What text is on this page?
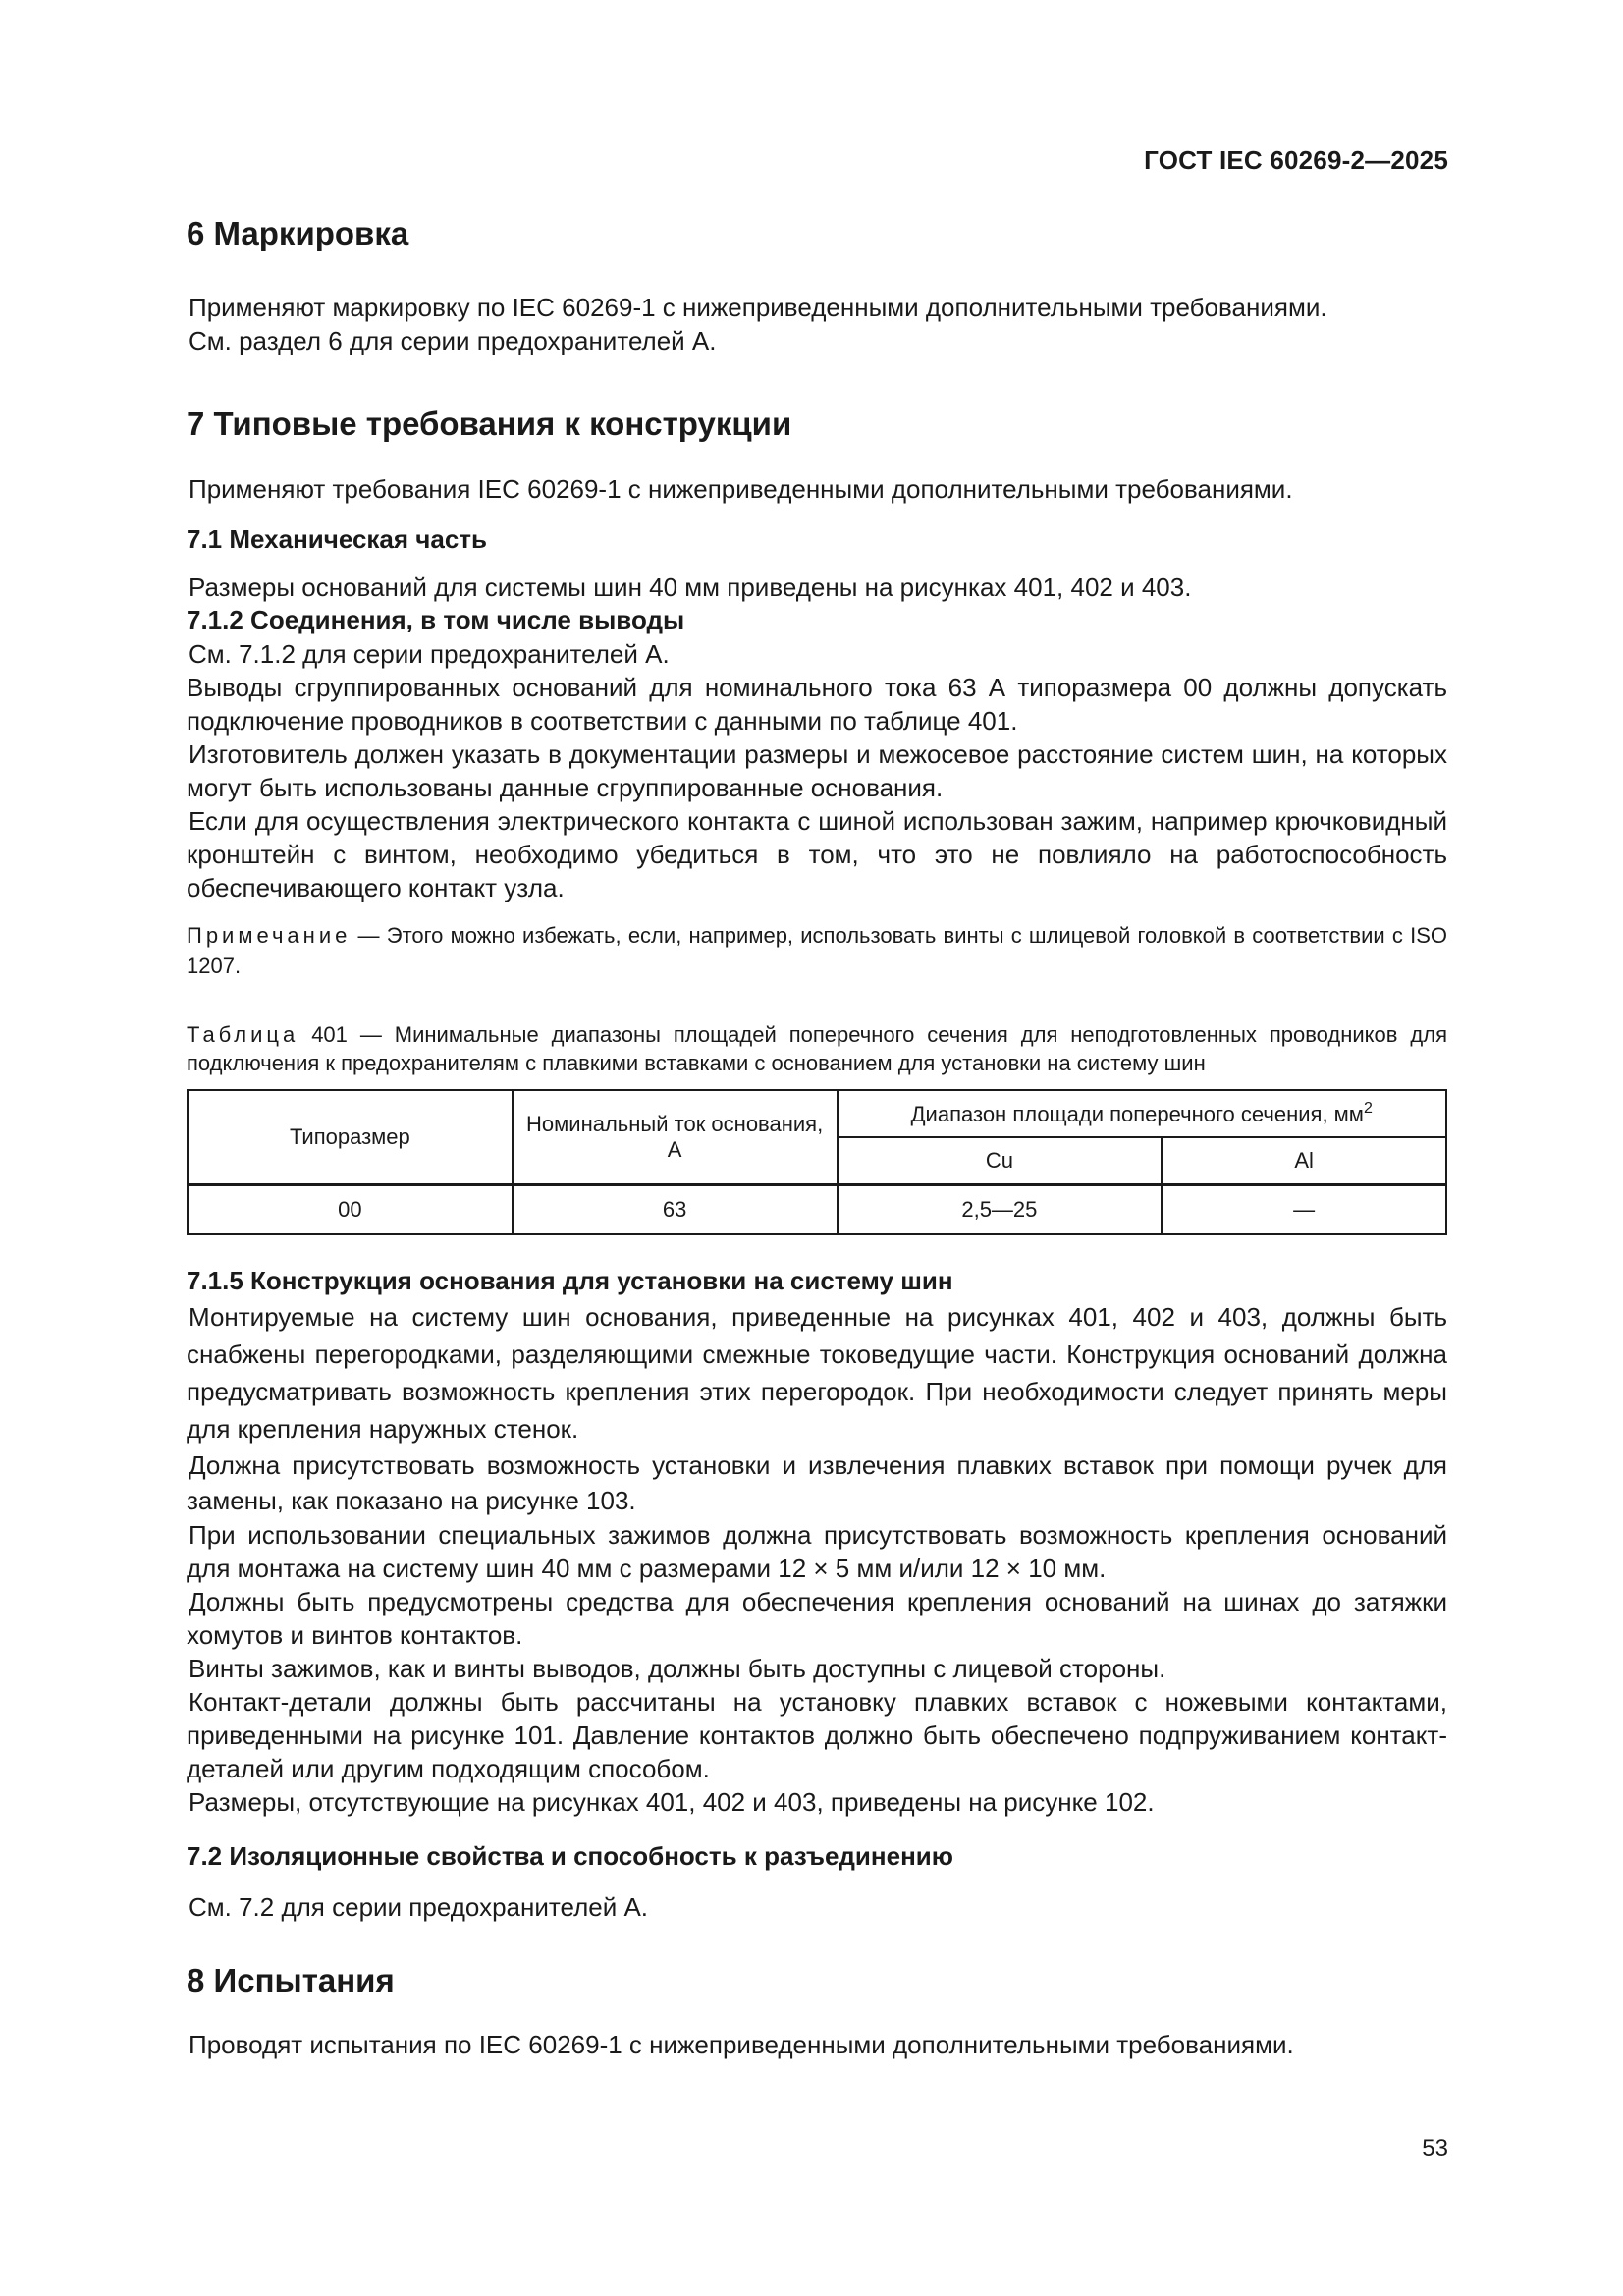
ГОСТ IEC 60269-2—2025
6 Маркировка

Применяют маркировку по IEC 60269-1 с нижеприведенными дополнительными требованиями.

См. раздел 6 для серии предохранителей А.

7 Типовые требования к конструкции

Применяют требования IEC 60269-1 с нижеприведенными дополнительными требованиями.

7.1 Механическая часть

Размеры оснований для системы шин 40 мм приведены на рисунках 401, 402 и 403.

7.1.2 Соединения, в том числе выводы

См. 7.1.2 для серии предохранителей А.

Выводы сгруппированных оснований для номинального тока 63 А типоразмера 00 должны допускать подключение проводников в соответствии с данными по таблице 401.

Изготовитель должен указать в документации размеры и межосевое расстояние систем шин, на которых могут быть использованы данные сгруппированные основания.

Если для осуществления электрического контакта с шиной использован зажим, например крючковидный кронштейн с винтом, необходимо убедиться в том, что это не повлияло на работоспособность обеспечивающего контакт узла.

Примечание — Этого можно избежать, если, например, использовать винты с шлицевой головкой в соответствии с ISO 1207.

Таблица 401 — Минимальные диапазоны площадей поперечного сечения для неподготовленных проводников для подключения к предохранителям с плавкими вставками с основанием для установки на систему шин

Типоразмер	Номинальный ток основания, А	Диапазон площади поперечного сечения, $мм^2$
		Cu	Al
00	63	2,5—25	—
7.1.5 Конструкция основания для установки на систему шин

Монтируемые на систему шин основания, приведенные на рисунках 401, 402 и 403, должны быть снабжены перегородками, разделяющими смежные токоведущие части. Конструкция оснований должна предусматривать возможность крепления этих перегородок. При необходимости следует принять меры для крепления наружных стенок.

Должна присутствовать возможность установки и извлечения плавких вставок при помощи ручек для замены, как показано на рисунке 103.

При использовании специальных зажимов должна присутствовать возможность крепления оснований для монтажа на систему шин 40 мм с размерами 12 × 5 мм и/или 12 × 10 мм.

Должны быть предусмотрены средства для обеспечения крепления оснований на шинах до затяжки хомутов и винтов контактов.

Винты зажимов, как и винты выводов, должны быть доступны с лицевой стороны.

Контакт-детали должны быть рассчитаны на установку плавких вставок с ножевыми контактами, приведенными на рисунке 101. Давление контактов должно быть обеспечено подпруживанием контакт-деталей или другим подходящим способом.

Размеры, отсутствующие на рисунках 401, 402 и 403, приведены на рисунке 102.

7.2 Изоляционные свойства и способность к разъединению

См. 7.2 для серии предохранителей А.

8 Испытания

Проводят испытания по IEC 60269-1 с нижеприведенными дополнительными требованиями.

53
